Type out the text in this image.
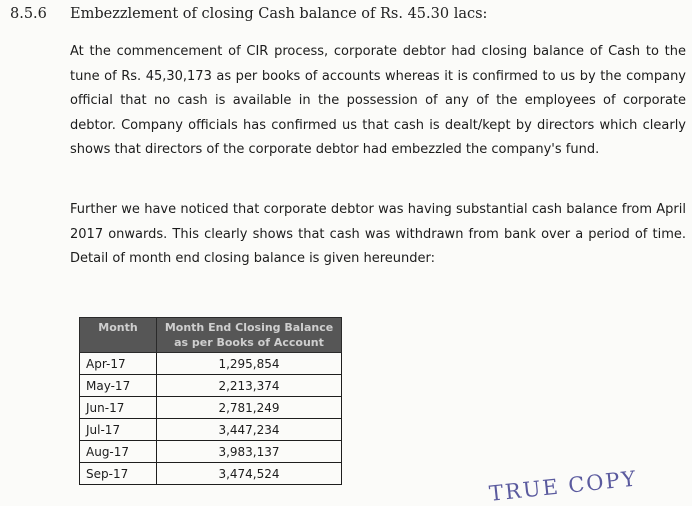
8.5.6 Embezzlement of closing Cash balance of Rs. 45.30 lacs:

At the commencement of CIR process, corporate debtor had closing balance of Cash to the tune of Rs. 45,30,173 as per books of accounts whereas it is confirmed to us by the company official that no cash is available in the possession of any of the employees of corporate debtor. Company officials has confirmed us that cash is dealt/kept by directors which clearly shows that directors of the corporate debtor had embezzled the company's fund.

Further we have noticed that corporate debtor was having substantial cash balance from April 2017 onwards. This clearly shows that cash was withdrawn from bank over a period of time. Detail of month end closing balance is given hereunder:

Month	Month End Closing Balance as per Books of Account
Apr-17	1,295,854
May-17	2,213,374
Jun-17	2,781,249
Jul-17	3,447,234
Aug-17	3,983,137
Sep-17	3,474,524	TRUE COPY
